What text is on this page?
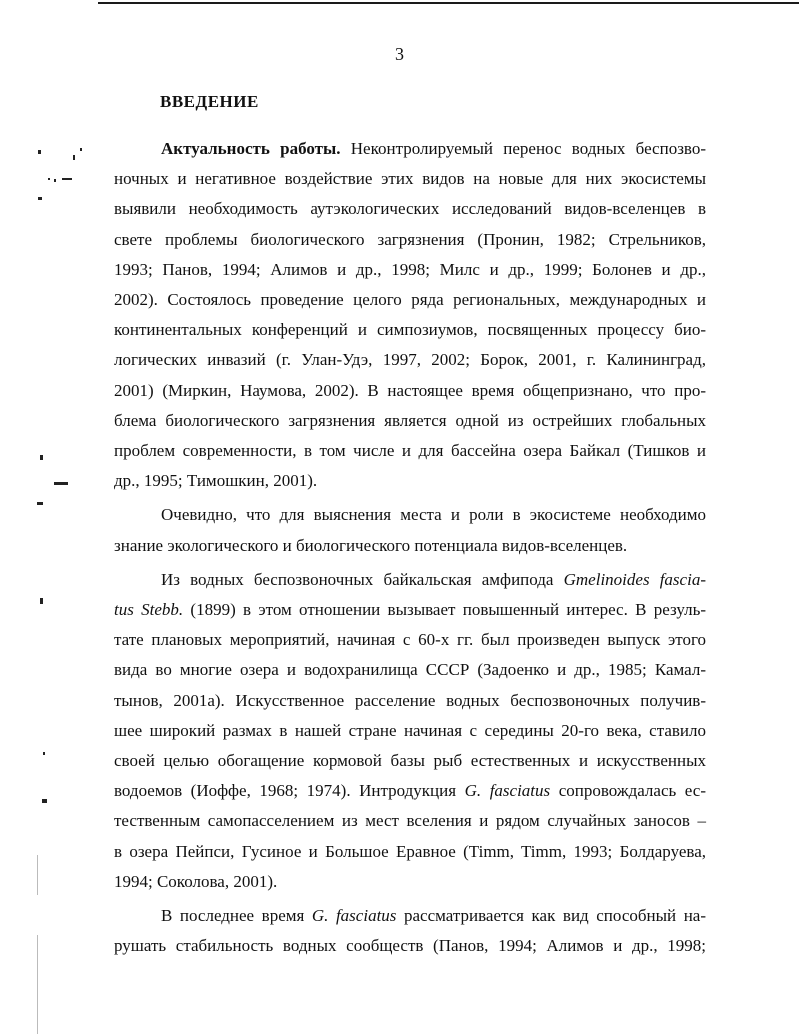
3
ВВЕДЕНИЕ

Актуальность работы. Неконтролируемый перенос водных беспозво-

ночных и негативное воздействие этих видов на новые для них экосистемы

выявили необходимость аутэкологических исследований видов-вселенцев в

свете проблемы биологического загрязнения (Пронин, 1982; Стрельников,

1993; Панов, 1994; Алимов и др., 1998; Милс и др., 1999; Болонев и др.,

2002). Состоялось проведение целого ряда региональных, международных и

континентальных конференций и симпозиумов, посвященных процессу био-

логических инвазий (г. Улан-Удэ, 1997, 2002; Борок, 2001, г. Калининград,

2001) (Миркин, Наумова, 2002). В настоящее время общепризнано, что про-

блема биологического загрязнения является одной из острейших глобальных

проблем современности, в том числе и для бассейна озера Байкал (Тишков и

др., 1995; Тимошкин, 2001).

Очевидно, что для выяснения места и роли в экосистеме необходимо

знание экологического и биологического потенциала видов-вселенцев.

Из водных беспозвоночных байкальская амфипода Gmelinoides fascia-

tus Stebb. (1899) в этом отношении вызывает повышенный интерес. В резуль-

тате плановых мероприятий, начиная с 60-х гг. был произведен выпуск этого

вида во многие озера и водохранилища СССР (Задоенко и др., 1985; Камал-

тынов, 2001а). Искусственное расселение водных беспозвоночных получив-

шее широкий размах в нашей стране начиная с середины 20-го века, ставило

своей целью обогащение кормовой базы рыб естественных и искусственных

водоемов (Иоффе, 1968; 1974). Интродукция G. fasciatus сопровождалась ес-

тественным самопасселением из мест вселения и рядом случайных заносов –

в озера Пейпси, Гусиное и Большое Еравное (Timm, Timm, 1993; Болдаруева,

1994; Соколова, 2001).

В последнее время G. fasciatus рассматривается как вид способный на-

рушать стабильность водных сообществ (Панов, 1994; Алимов и др., 1998;
